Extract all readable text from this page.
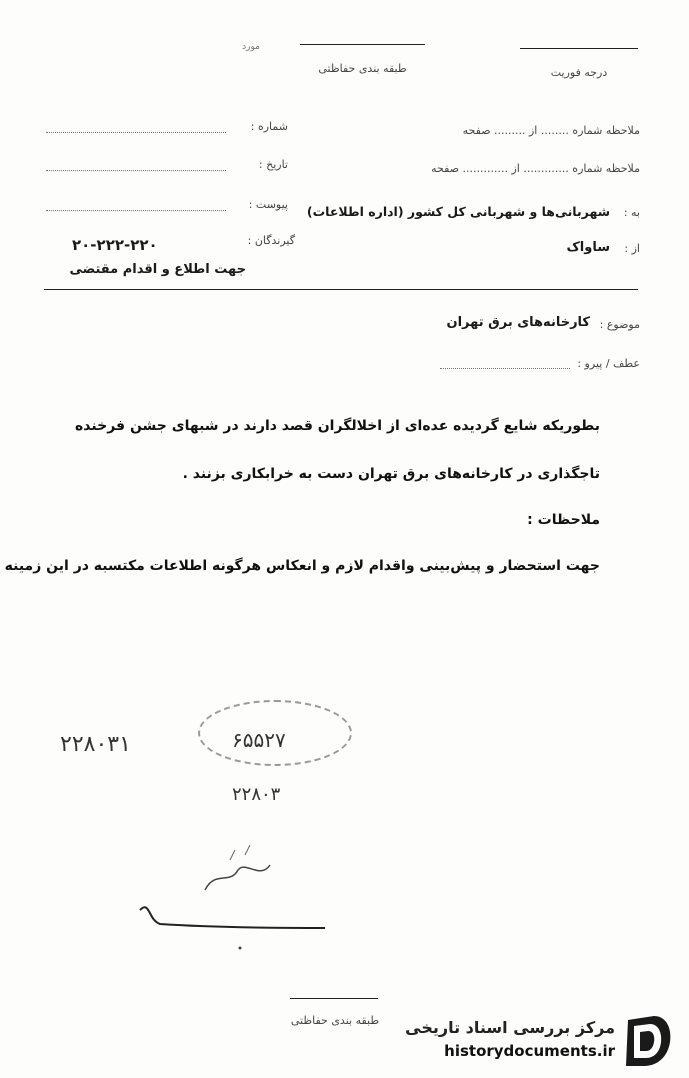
مورد
طبقه بندی حفاظتی	درجه فوریت
شماره :
تاریخ :
پیوست :
گیرندگان :
۲۰-۲۲۲-۲۲۰
جهت اطلاع و اقدام مقتضی
ملاحظه شماره ........ از ......... صفحه
ملاحظه شماره ............. از ............. صفحه
به :
شهربانی‌ها و شهربانی کل کشور (اداره اطلاعات)
از :
ساواک
موضوع :
کارخانه‌های برق تهران
عطف / پیرو :
بطوریکه شایع گردیده عده‌ای از اخلالگران قصد دارند در شبهای جشن فرخنده
تاجگذاری در کارخانه‌های برق تهران دست به خرابکاری بزنند .
ملاحظات :
جهت استحضار و پیش‌بینی واقدام لازم و انعکاس هرگونه اطلاعات مکتسبه در این زمینه
۲۲۸۰۳۱	۶۵۵۲۷
۲۲۸۰۳
طبقه بندی حفاظتی	مرکز بررسی اسناد تاریخی
historydocuments.ir
